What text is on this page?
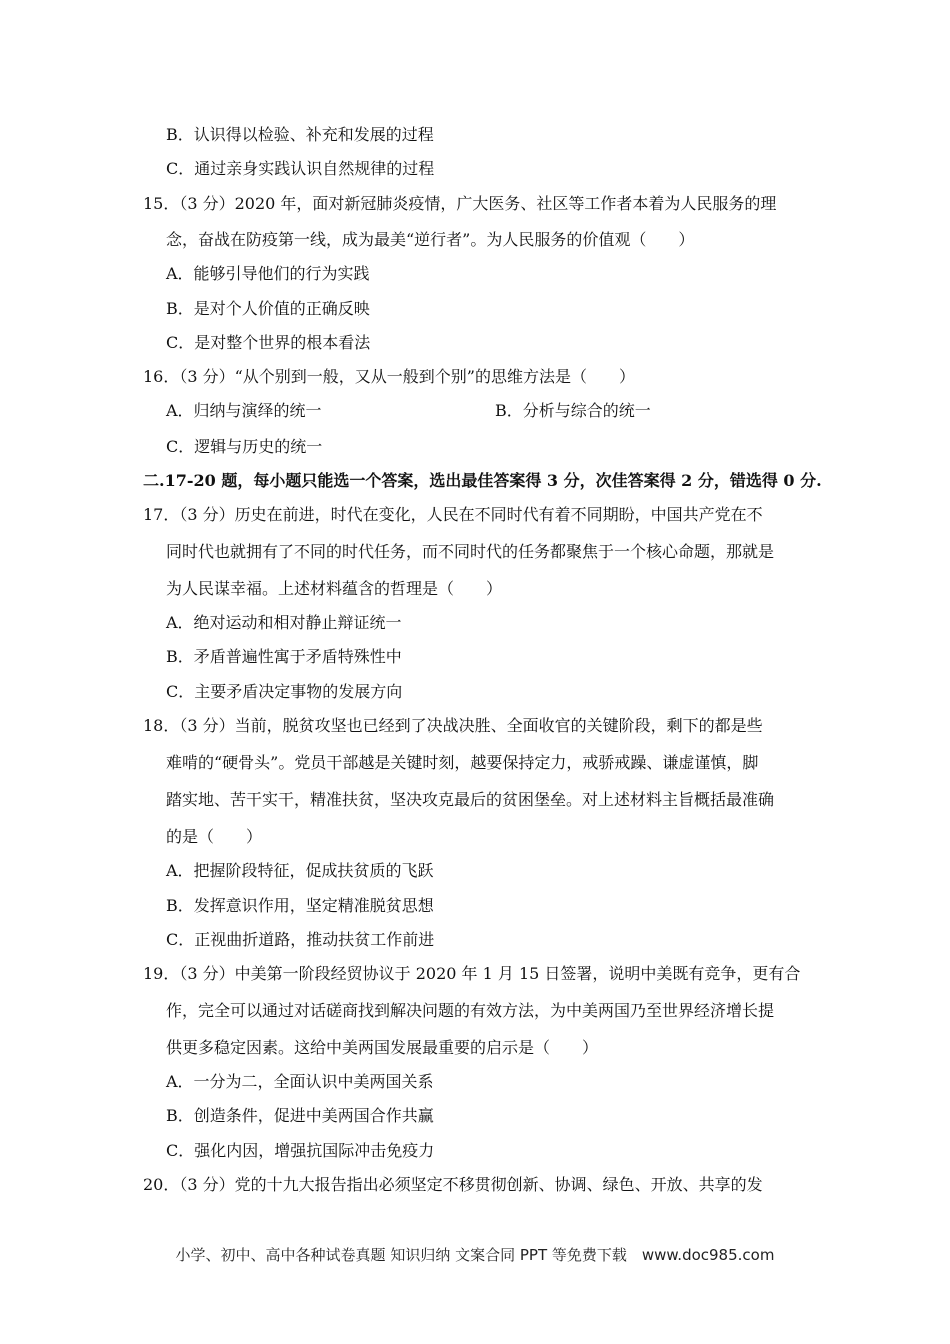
B．认识得以检验、补充和发展的过程
C．通过亲身实践认识自然规律的过程
15．（3 分）2020 年，面对新冠肺炎疫情，广大医务、社区等工作者本着为人民服务的理
念，奋战在防疫第一线，成为最美“逆行者”。为人民服务的价值观（　　）
A．能够引导他们的行为实践
B．是对个人价值的正确反映
C．是对整个世界的根本看法
16．（3 分）“从个别到一般，又从一般到个别”的思维方法是（　　）
A．归纳与演绎的统一	B．分析与综合的统一
C．逻辑与历史的统一
二.17-20 题，每小题只能选一个答案，选出最佳答案得 3 分，次佳答案得 2 分，错选得 0 分.
17．（3 分）历史在前进，时代在变化，人民在不同时代有着不同期盼，中国共产党在不
同时代也就拥有了不同的时代任务，而不同时代的任务都聚焦于一个核心命题，那就是
为人民谋幸福。上述材料蕴含的哲理是（　　）
A．绝对运动和相对静止辩证统一
B．矛盾普遍性寓于矛盾特殊性中
C．主要矛盾决定事物的发展方向
18．（3 分）当前，脱贫攻坚也已经到了决战决胜、全面收官的关键阶段，剩下的都是些
难啃的“硬骨头”。党员干部越是关键时刻，越要保持定力，戒骄戒躁、谦虚谨慎，脚
踏实地、苦干实干，精准扶贫，坚决攻克最后的贫困堡垒。对上述材料主旨概括最准确
的是（　　）
A．把握阶段特征，促成扶贫质的飞跃
B．发挥意识作用，坚定精准脱贫思想
C．正视曲折道路，推动扶贫工作前进
19．（3 分）中美第一阶段经贸协议于 2020 年 1 月 15 日签署，说明中美既有竞争，更有合
作，完全可以通过对话磋商找到解决问题的有效方法，为中美两国乃至世界经济增长提
供更多稳定因素。这给中美两国发展最重要的启示是（　　）
A．一分为二，全面认识中美两国关系
B．创造条件，促进中美两国合作共赢
C．强化内因，增强抗国际冲击免疫力
20．（3 分）党的十九大报告指出必须坚定不移贯彻创新、协调、绿色、开放、共享的发
小学、初中、高中各种试卷真题 知识归纳 文案合同 PPT 等免费下载　www.doc985.com
